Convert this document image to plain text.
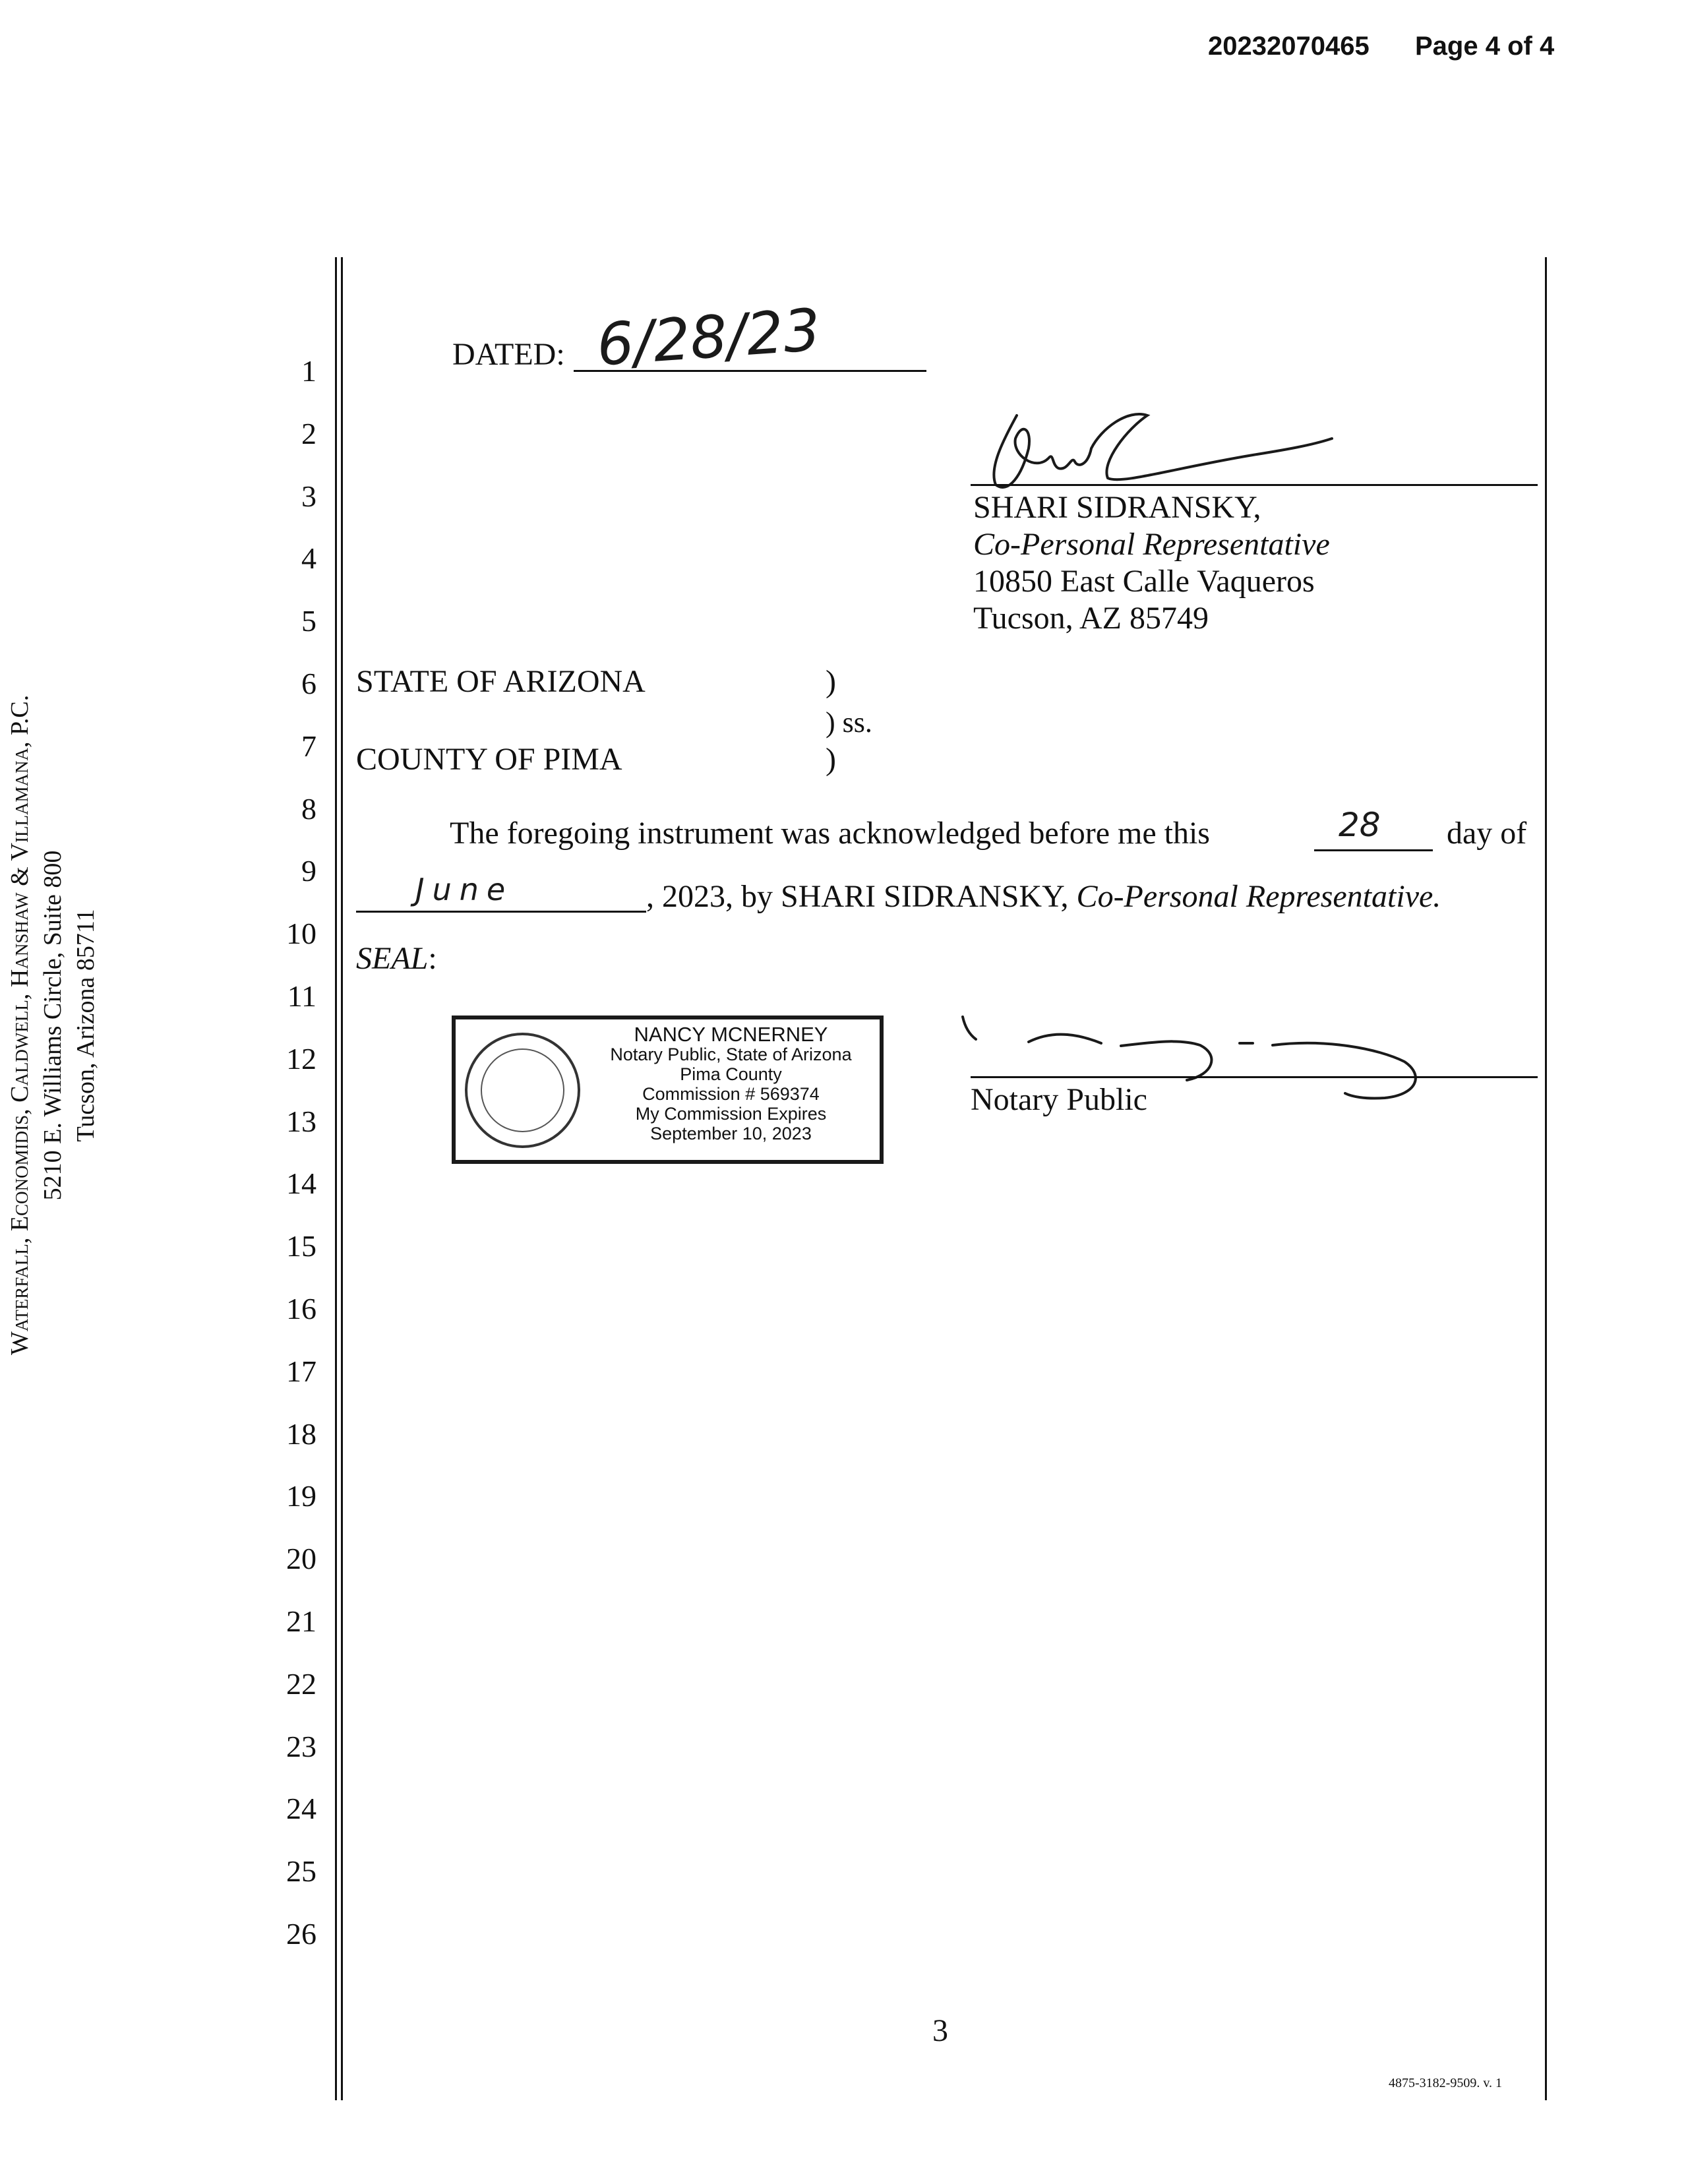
20232070465 Page 4 of 4
Waterfall, Economidis, Caldwell, Hanshaw & Villamana, P.C. 5210 E. Williams Circle, Suite 800 Tucson, Arizona 85711
1
2
3
4
5
6
7
8
9
10
11
12
13
14
15
16
17
18
19
20
21
22
23
24
25
26
DATED: 6/28/23
SHARI SIDRANSKY,
Co-Personal Representative
10850 East Calle Vaqueros
Tucson, AZ 85749
STATE OF ARIZONA	)
) ss.
COUNTY OF PIMA	)
The foregoing instrument was acknowledged before me this	28 day of
June	, 2023, by SHARI SIDRANSKY, Co-Personal Representative.
SEAL:
NANCY MCNERNEY
Notary Public, State of Arizona
Pima County
Commission # 569374
My Commission Expires
September 10, 2023
Notary Public
3
4875-3182-9509. v. 1
